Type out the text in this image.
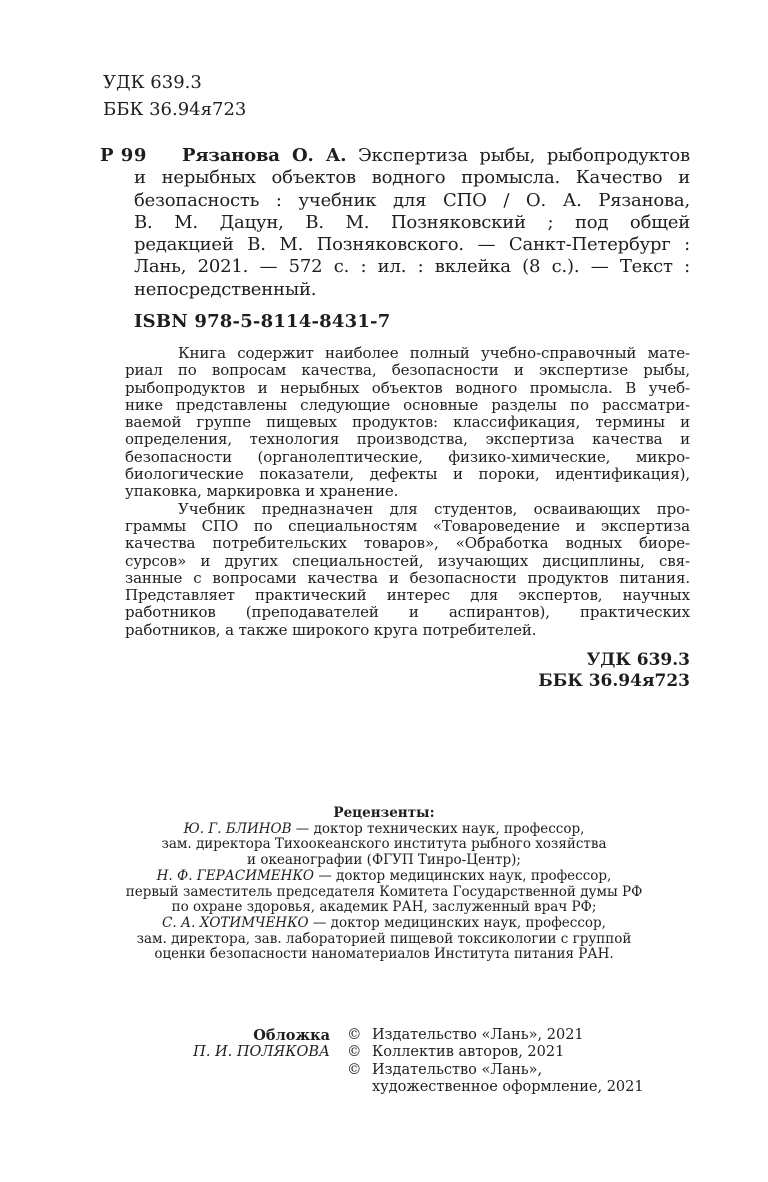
УДК 639.3
ББК 36.94я723
Р 99	Рязанова О. А. Экспертиза рыбы, рыбопродуктов
и нерыбных объектов водного промысла. Качество и
безопасность : учебник для СПО / О. А. Рязанова,
В. М. Дацун, В. М. Позняковский ; под общей
редакцией В. М. Позняковского. — Санкт-Петербург :
Лань, 2021. — 572 с. : ил. : вклейка (8 с.). — Текст :
непосредственный.
ISBN 978-5-8114-8431-7
Книга содержит наиболее полный учебно-справочный мате-
риал по вопросам качества, безопасности и экспертизе рыбы,
рыбопродуктов и нерыбных объектов водного промысла. В учеб-
нике представлены следующие основные разделы по рассматри-
ваемой группе пищевых продуктов: классификация, термины и
определения, технология производства, экспертиза качества и
безопасности (органолептические, физико-химические, микро-
биологические показатели, дефекты и пороки, идентификация),
упаковка, маркировка и хранение.
Учебник предназначен для студентов, осваивающих про-
граммы СПО по специальностям «Товароведение и экспертиза
качества потребительских товаров», «Обработка водных биоре-
сурсов» и других специальностей, изучающих дисциплины, свя-
занные с вопросами качества и безопасности продуктов питания.
Представляет практический интерес для экспертов, научных
работников (преподавателей и аспирантов), практических
работников, а также широкого круга потребителей.
УДК 639.3
ББК 36.94я723
Рецензенты:
Ю. Г. БЛИНОВ — доктор технических наук, профессор,
зам. директора Тихоокеанского института рыбного хозяйства
и океанографии (ФГУП Тинро-Центр);
Н. Ф. ГЕРАСИМЕНКО — доктор медицинских наук, профессор,
первый заместитель председателя Комитета Государственной думы РФ
по охране здоровья, академик РАН, заслуженный врач РФ;
С. А. ХОТИМЧЕНКО — доктор медицинских наук, профессор,
зам. директора, зав. лабораторией пищевой токсикологии с группой
оценки безопасности наноматериалов Института питания РАН.
Обложка
П. И. ПОЛЯКОВА
© Издательство «Лань», 2021
© Коллектив авторов, 2021
© Издательство «Лань»,
художественное оформление, 2021
